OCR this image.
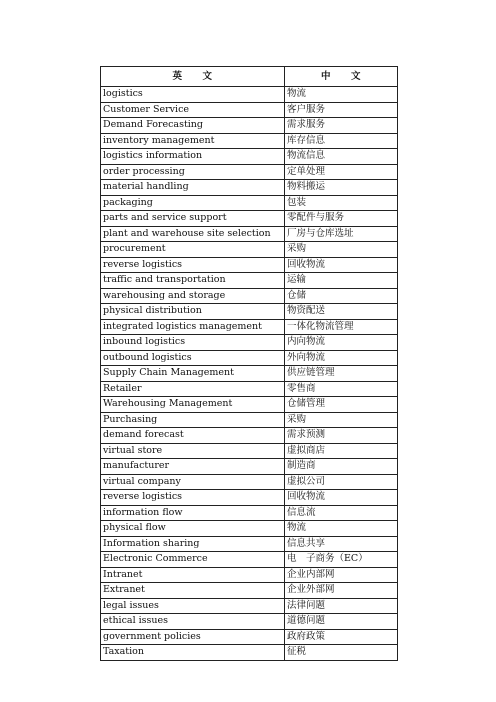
英　　文	中　　文
logistics	物流
Customer Service	客户服务
Demand Forecasting	需求服务
inventory management	库存信息
logistics information	物流信息
order processing	定单处理
material handling	物料搬运
packaging	包装
parts and service support	零配件与服务
plant and warehouse site selection	厂房与仓库选址
procurement	采购
reverse logistics	回收物流
traffic and transportation	运输
warehousing and storage	仓储
physical distribution	物资配送
integrated logistics management	一体化物流管理
inbound logistics	内向物流
outbound logistics	外向物流
Supply Chain Management	供应链管理
Retailer	零售商
Warehousing Management	仓储管理
Purchasing	采购
demand forecast	需求预测
virtual store	虚拟商店
manufacturer	制造商
virtual company	虚拟公司
reverse logistics	回收物流
information flow	信息流
physical flow	物流
Information sharing	信息共享
Electronic Commerce	电　子商务（EC）
Intranet	企业内部网
Extranet	企业外部网
legal issues	法律问题
ethical issues	道德问题
government policies	政府政策
Taxation	征税
